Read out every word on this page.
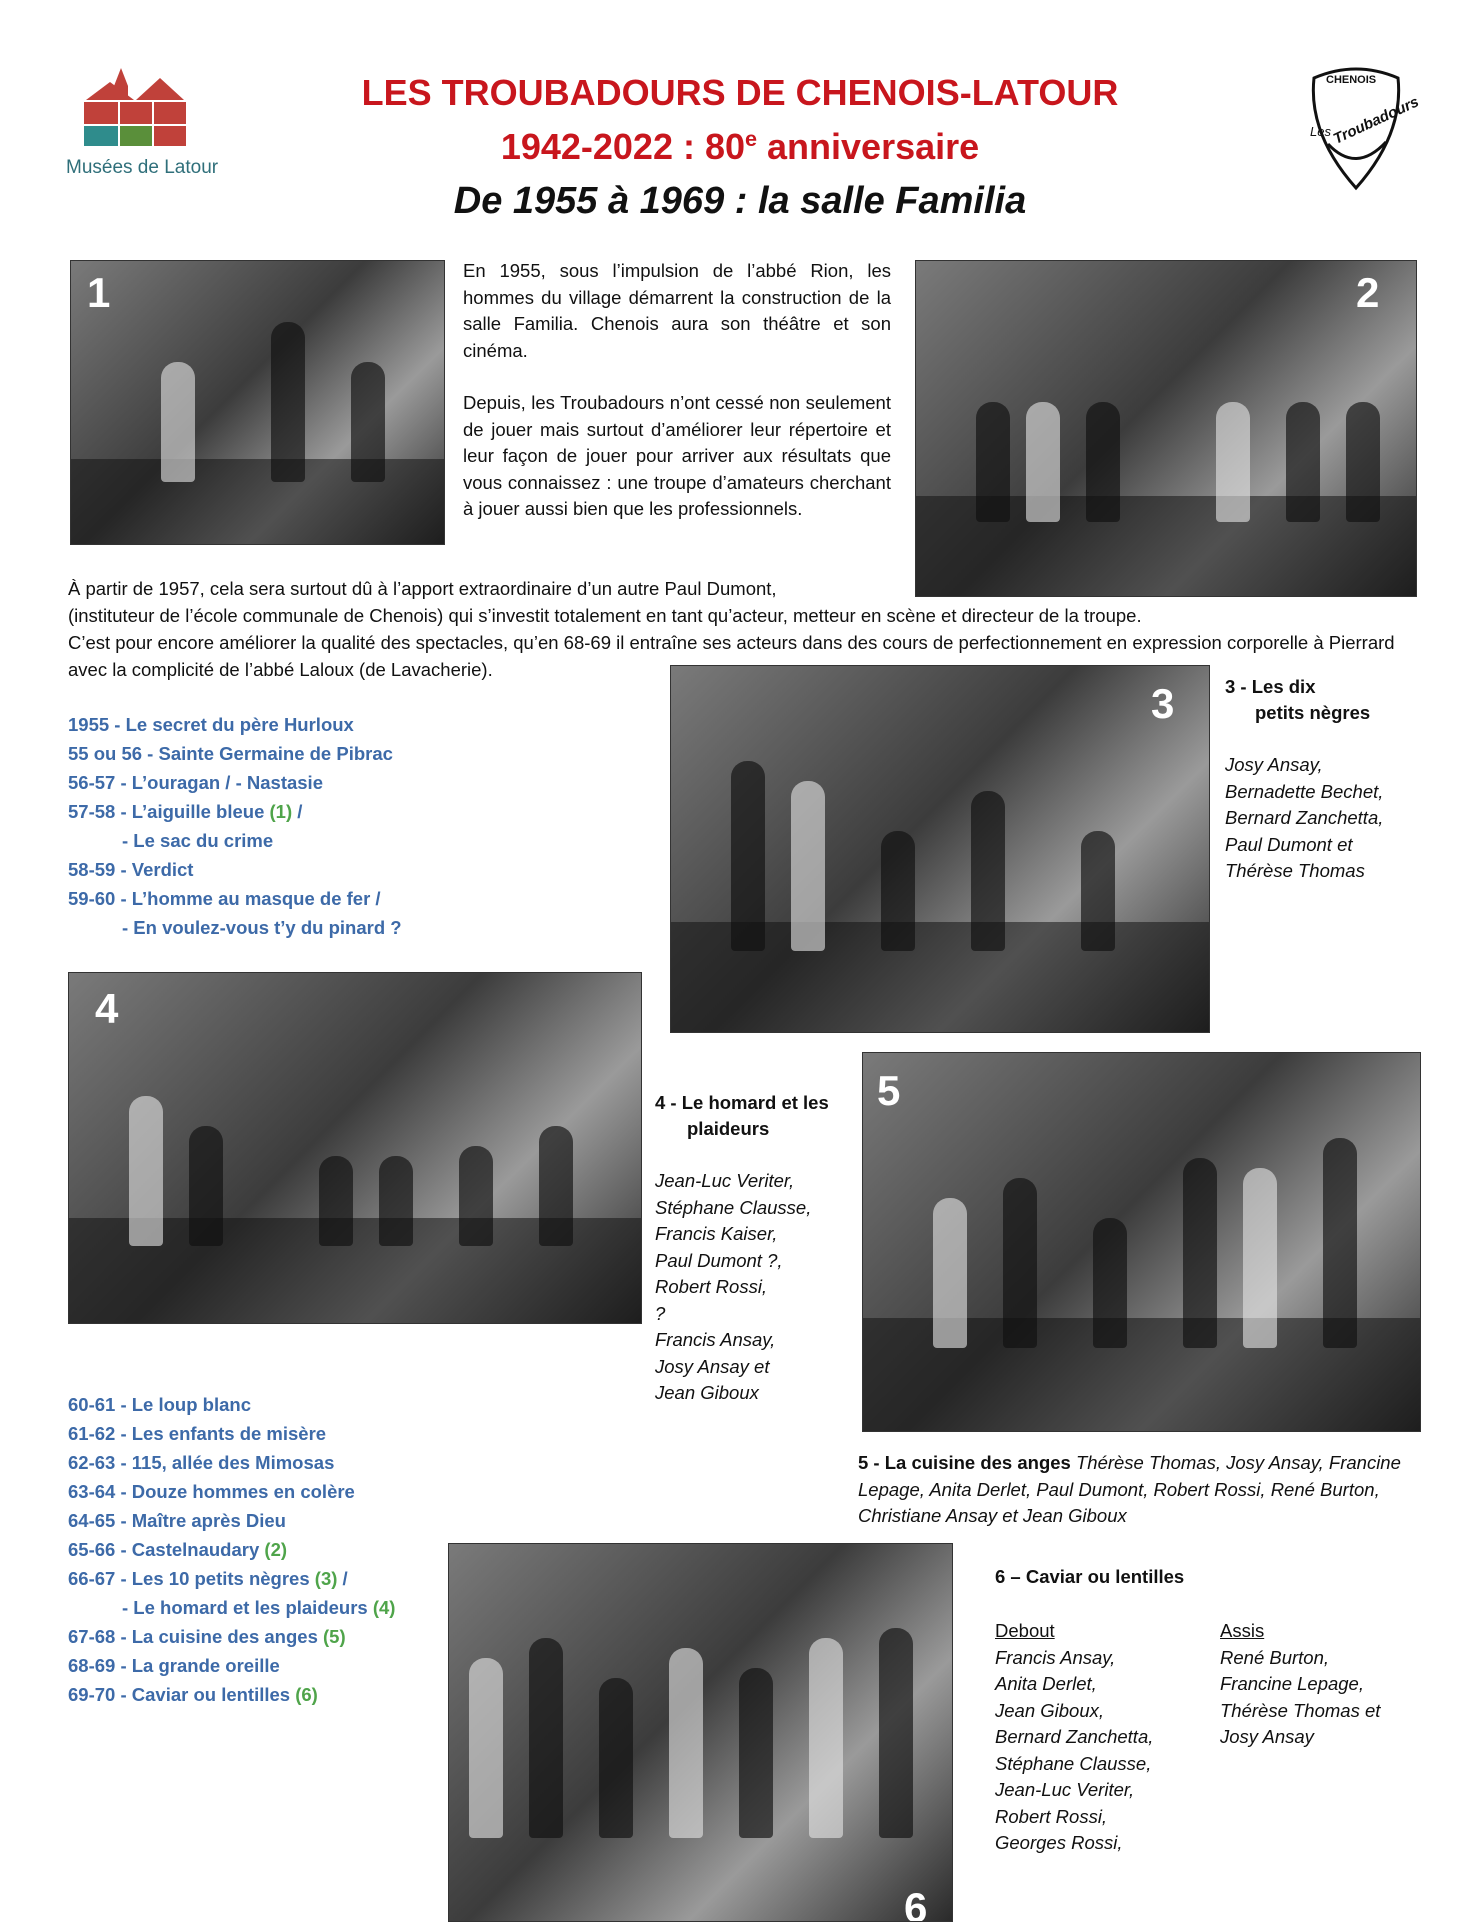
Musées de Latour
CHENOIS
Les Troubadours
LES TROUBADOURS DE CHENOIS-LATOUR
1942-2022 : 80e anniversaire
De 1955 à 1969 : la salle Familia
1	En 1955, sous l’impulsion de l’abbé Rion, les hommes du village démarrent la construction de la salle Familia. Chenois aura son théâtre et son cinéma.
Depuis, les Troubadours n’ont cessé non seulement de jouer mais surtout d’améliorer leur répertoire et leur façon de jouer pour arriver aux résultats que vous connaissez : une troupe d’amateurs cherchant à jouer aussi bien que les professionnels.
2
À partir de 1957, cela sera surtout dû à l’apport extraordinaire d’un autre Paul Dumont,
(instituteur de l’école communale de Chenois) qui s’investit totalement en tant qu’acteur, metteur en scène et directeur de la troupe.
C’est pour encore améliorer la qualité des spectacles, qu’en 68-69 il entraîne ses acteurs dans des cours de perfectionnement en expression corporelle à Pierrard avec la complicité de l’abbé Laloux (de Lavacherie).
1955 - Le secret du père Hurloux
55 ou 56 - Sainte Germaine de Pibrac
56-57 - L’ouragan / - Nastasie
57-58 - L’aiguille bleue (1) /
- Le sac du crime
58-59 - Verdict
59-60 - L’homme au masque de fer /
- En voulez-vous t’y du pinard ?
3	3 - Les dix
petits nègres
Josy Ansay,
Bernadette Bechet,
Bernard Zanchetta,
Paul Dumont et
Thérèse Thomas
4
4 - Le homard et les
plaideurs
Jean-Luc Veriter,
Stéphane Clausse,
Francis Kaiser,
Paul Dumont ?,
Robert Rossi,
?
Francis Ansay,
Josy Ansay et
Jean Giboux
5
60-61 - Le loup blanc
61-62 - Les enfants de misère
62-63 - 115, allée des Mimosas
63-64 - Douze hommes en colère
64-65 - Maître après Dieu
65-66 - Castelnaudary (2)
66-67 - Les 10 petits nègres (3) /
- Le homard et les plaideurs (4)
67-68 - La cuisine des anges (5)
68-69 - La grande oreille
69-70 - Caviar ou lentilles (6)
5 - La cuisine des anges Thérèse Thomas, Josy Ansay, Francine
Lepage, Anita Derlet, Paul Dumont, Robert Rossi, René Burton,
Christiane Ansay et Jean Giboux
6
6 – Caviar ou lentilles
Debout
Francis Ansay,
Anita Derlet,
Jean Giboux,
Bernard Zanchetta,
Stéphane Clausse,
Jean-Luc Veriter,
Robert Rossi,
Georges Rossi,
Assis
René Burton,
Francine Lepage,
Thérèse Thomas et
Josy Ansay
